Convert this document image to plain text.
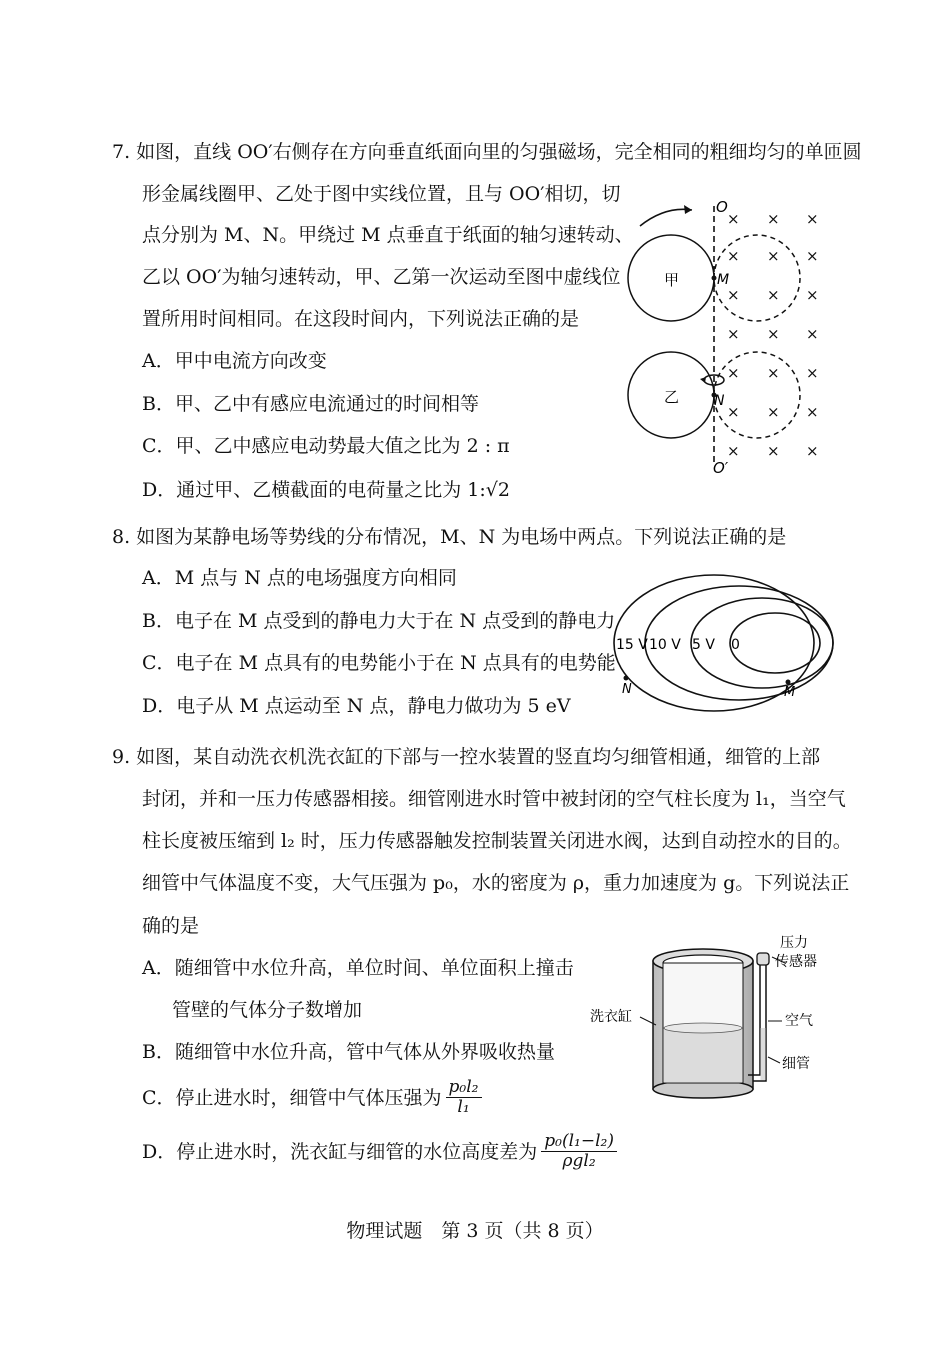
7. 如图，直线 OO′右侧存在方向垂直纸面向里的匀强磁场，完全相同的粗细均匀的单匝圆
形金属线圈甲、乙处于图中实线位置，且与 OO′相切，切
点分别为 M、N。甲绕过 M 点垂直于纸面的轴匀速转动、
乙以 OO′为轴匀速转动，甲、乙第一次运动至图中虚线位
置所用时间相同。在这段时间内，下列说法正确的是
A．甲中电流方向改变
B．甲、乙中有感应电流通过的时间相等
C．甲、乙中感应电动势最大值之比为 2 : π
D．通过甲、乙横截面的电荷量之比为 1:√2
O
O′
甲	M
乙 N
× × ×
× × ×
× × ×
× × ×
× × ×
× × ×
× × ×
8. 如图为某静电场等势线的分布情况，M、N 为电场中两点。下列说法正确的是
A．M 点与 N 点的电场强度方向相同
B．电子在 M 点受到的静电力大于在 N 点受到的静电力
C．电子在 M 点具有的电势能小于在 N 点具有的电势能
D．电子从 M 点运动至 N 点，静电力做功为 5 eV
15 V 10 V 5 V 0
N	M
9. 如图，某自动洗衣机洗衣缸的下部与一控水装置的竖直均匀细管相通，细管的上部
封闭，并和一压力传感器相接。细管刚进水时管中被封闭的空气柱长度为 l₁，当空气
柱长度被压缩到 l₂ 时，压力传感器触发控制装置关闭进水阀，达到自动控水的目的。
细管中气体温度不变，大气压强为 p₀，水的密度为 ρ，重力加速度为 g。下列说法正
确的是
A．随细管中水位升高，单位时间、单位面积上撞击
管壁的气体分子数增加
B．随细管中水位升高，管中气体从外界吸收热量
C．停止进水时，细管中气体压强为 $\frac{\text{p₀l₂}}{\text{l₁}}$
D．停止进水时，洗衣缸与细管的水位高度差为 $\frac{\text{p₀(l₁−l₂)}}{\text{ρgl₂}}$
压力
传感器
洗衣缸	空气
细管
物理试题　第 3 页（共 8 页）
